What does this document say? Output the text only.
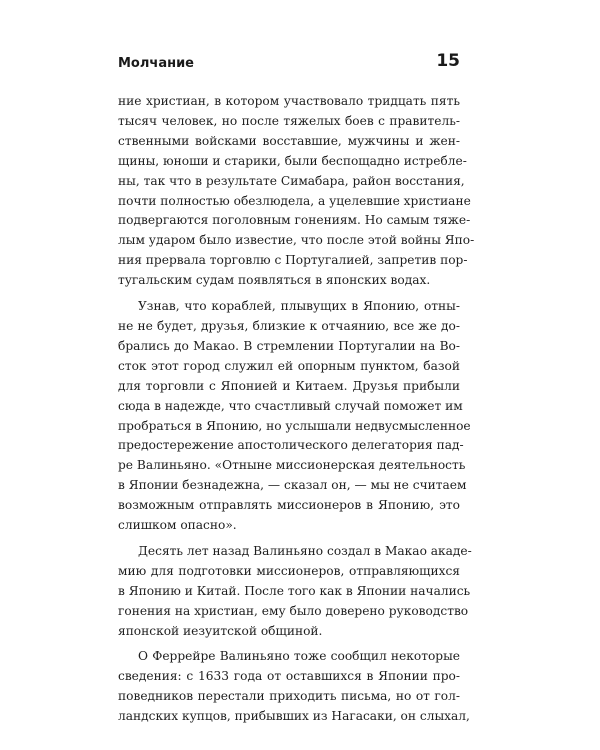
Молчание	15

ние христиан, в котором участвовало тридцать пять
тысяч человек, но после тяжелых боев с правитель-
ственными войсками восставшие, мужчины и жен-
щины, юноши и старики, были беспощадно истребле-
ны, так что в результате Симабара, район восстания,
почти полностью обезлюдела, а уцелевшие христиане
подвергаются поголовным гонениям. Но самым тяже-
лым ударом было известие, что после этой войны Япо-
ния прервала торговлю с Португалией, запретив пор-
тугальским судам появляться в японских водах.

Узнав, что кораблей, плывущих в Японию, отны-
не не будет, друзья, близкие к отчаянию, все же до-
брались до Макао. В стремлении Португалии на Во-
сток этот город служил ей опорным пунктом, базой
для торговли с Японией и Китаем. Друзья прибыли
сюда в надежде, что счастливый случай поможет им
пробраться в Японию, но услышали недвусмысленное
предостережение апостолического делегатория пад-
ре Валиньяно. «Отныне миссионерская деятельность
в Японии безнадежна, — сказал он, — мы не считаем
возможным отправлять миссионеров в Японию, это
слишком опасно».

Десять лет назад Валиньяно создал в Макао акаде-
мию для подготовки миссионеров, отправляющихся
в Японию и Китай. После того как в Японии начались
гонения на христиан, ему было доверено руководство
японской иезуитской общиной.

О Феррейре Валиньяно тоже сообщил некоторые
сведения: с 1633 года от оставшихся в Японии про-
поведников перестали приходить письма, но от гол-
ландских купцов, прибывших из Нагасаки, он слыхал,
